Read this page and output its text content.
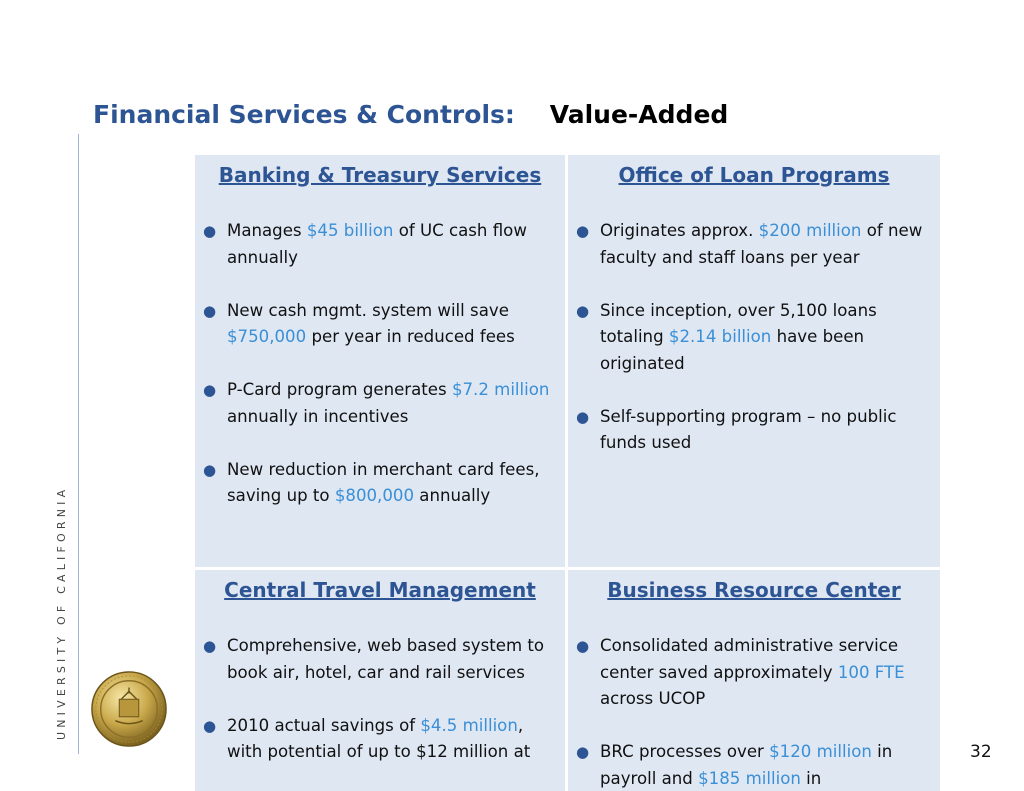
Financial Services & Controls: Value-Added
UNIVERSITY OF CALIFORNIA
Banking & Treasury Services
● Manages $45 billion of UC cash flow annually
● New cash mgmt. system will save $750,000 per year in reduced fees
● P-Card program generates $7.2 million annually in incentives
● New reduction in merchant card fees, saving up to $800,000 annually
Office of Loan Programs
● Originates approx. $200 million of new faculty and staff loans per year
● Since inception, over 5,100 loans totaling $2.14 billion have been originated
● Self-supporting program – no public funds used
Central Travel Management
● Comprehensive, web based system to book air, hotel, car and rail services
● 2010 actual savings of $4.5 million, with potential of up to $12 million at
Business Resource Center
● Consolidated administrative service center saved approximately 100 FTE across UCOP
● BRC processes over $120 million in payroll and $185 million in
32
